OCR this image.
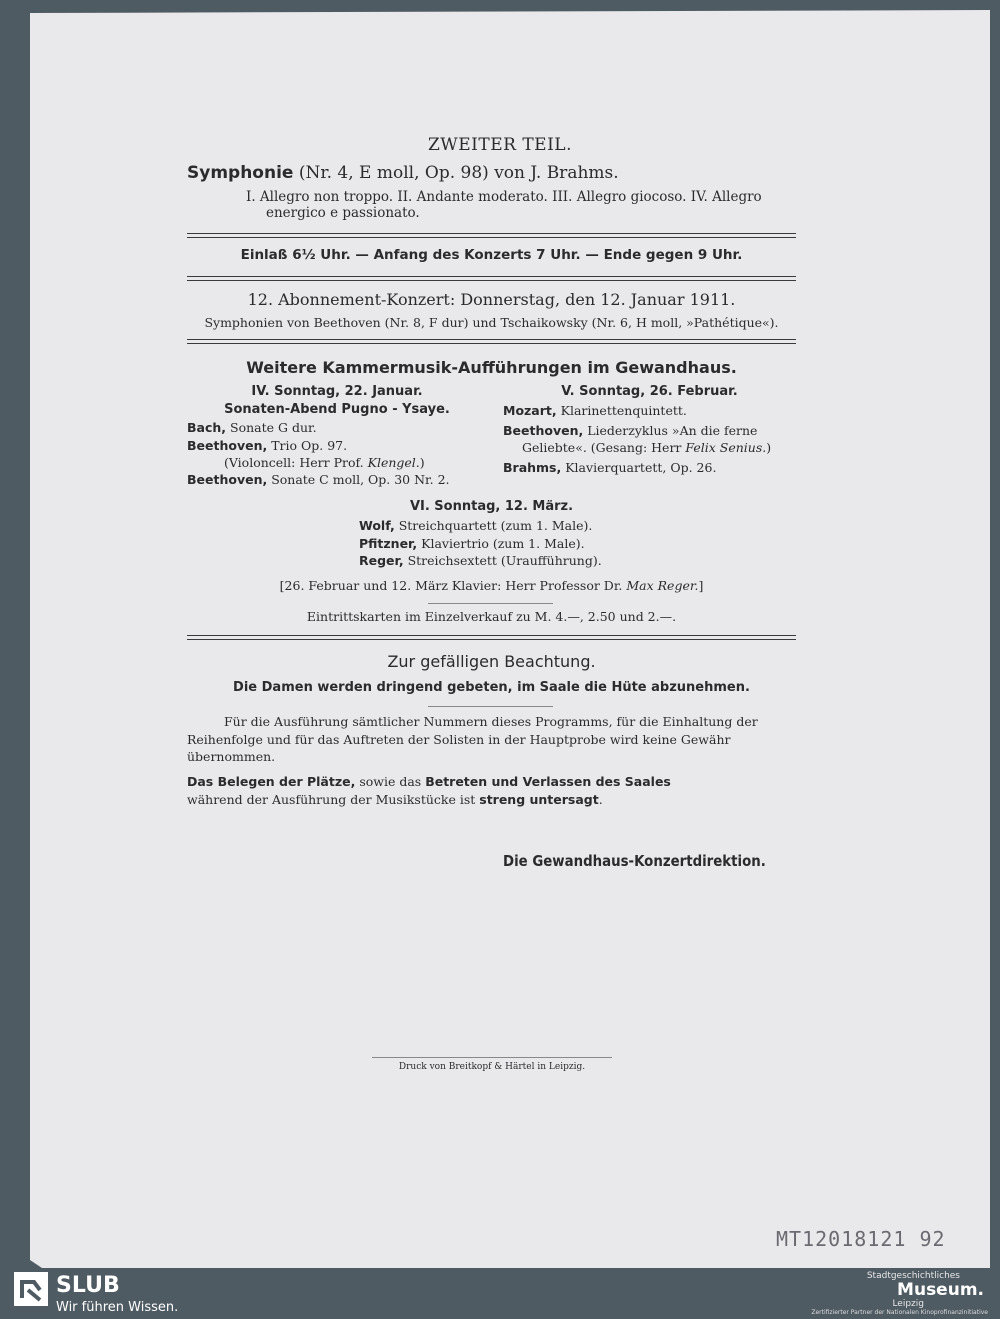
ZWEITER TEIL.
Symphonie (Nr. 4, E moll, Op. 98) von J. Brahms.
I. Allegro non troppo. II. Andante moderato. III. Allegro giocoso. IV. Allegro
energico e passionato.
Einlaß 6½ Uhr. — Anfang des Konzerts 7 Uhr. — Ende gegen 9 Uhr.
12. Abonnement-Konzert: Donnerstag, den 12. Januar 1911.
Symphonien von Beethoven (Nr. 8, F dur) und Tschaikowsky (Nr. 6, H moll, »Pathétique«).
Weitere Kammermusik-Aufführungen im Gewandhaus.
IV. Sonntag, 22. Januar.
Sonaten-Abend Pugno - Ysaye.
Bach, Sonate G dur.
Beethoven, Trio Op. 97.
(Violoncell: Herr Prof. Klengel.)
Beethoven, Sonate C moll, Op. 30 Nr. 2.
V. Sonntag, 26. Februar.
Mozart, Klarinettenquintett.
Beethoven, Liederzyklus »An die ferne
Geliebte«. (Gesang: Herr Felix Senius.)
Brahms, Klavierquartett, Op. 26.
VI. Sonntag, 12. März.
Wolf, Streichquartett (zum 1. Male).
Pfitzner, Klaviertrio (zum 1. Male).
Reger, Streichsextett (Uraufführung).
[26. Februar und 12. März Klavier: Herr Professor Dr. Max Reger.]
Eintrittskarten im Einzelverkauf zu M. 4.—, 2.50 und 2.—.
Zur gefälligen Beachtung.
Die Damen werden dringend gebeten, im Saale die Hüte abzunehmen.
Für die Ausführung sämtlicher Nummern dieses Programms, für die Einhaltung der
Reihenfolge und für das Auftreten der Solisten in der Hauptprobe wird keine Gewähr
übernommen.
Das Belegen der Plätze, sowie das Betreten und Verlassen des Saales
während der Ausführung der Musikstücke ist streng untersagt.
Die Gewandhaus-Konzertdirektion.
Druck von Breitkopf & Härtel in Leipzig.
MT12018121 92
SLUB
Wir führen Wissen.
Stadtgeschichtliches
Museum.
Leipzig
Zertifizierter Partner der Nationalen Kinoprofinanzinitiative
